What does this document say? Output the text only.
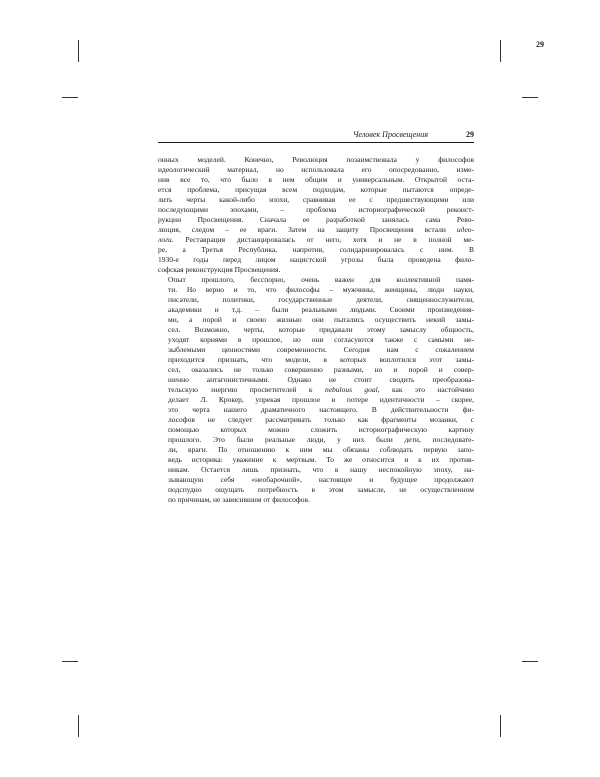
29
Человек Просвещения	29

онных моделей. Конечно, Революция позаимствовала у философов
идеологический материал, но использовала его опосредованно, изме-
нив все то, что было в нем общим и универсальным. Открытой оста-
ется проблема, присущая всем подходам, которые пытаются опреде-
лить черты какой-либо эпохи, сравнивая ее с предшествующими или
последующими эпохами, – проблема историографической реконст-
рукции Просвещения. Сначала ее разработкой занялась сама Рево-
люция, следом – ее враги. Затем на защиту Просвещения встали идео-
логи. Реставрация дистанцировалась от него, хотя и не в полной ме-
ре, а Третья Республика, напротив, солидаризировалась с ним. В
1930-е годы перед лицом нацистской угрозы была проведена фило-
софская реконструкция Просвещения.

Опыт прошлого, бесспорно, очень важен для коллективной памя-
ти. Но верно и то, что философы – мужчины, женщины, люди науки,
писатели, политики, государственные деятели, священнослужители,
академики и т.д. – были реальными людьми. Своими произведения-
ми, а порой и своею жизнью они пытались осуществить некий замы-
сел. Возможно, черты, которые придавали этому замыслу общность,
уходят корнями в прошлое, но они согласуются также с самыми не-
зыблемыми ценностями современности. Сегодня нам с сожалением
приходится признать, что модели, в которых воплотился этот замы-
сел, оказались не только совершенно разными, но и порой и совер-
шенно антагонистичными. Однако не стоит сводить преобразова-
тельскую энергию просветителей к nebulous goal, как это настойчиво
делает Л. Крокер, упрекая прошлое в потере идентичности – скорее,
это черта нашего драматичного настоящего. В действительности фи-
лософов не следует рассматривать только как фрагменты мозаики, с
помощью которых можно сложить историографическую картину
прошлого. Это были реальные люди, у них были дети, последовате-
ли, враги. По отношению к ним мы обязаны соблюдать первую запо-
ведь историка: уважение к мертвым. То же относится и к их против-
никам. Остается лишь признать, что в нашу неспокойную эпоху, на-
зывающую себя «необарочной», настоящее и будущее продолжают
подспудно ощущать потребность в этом замысле, не осуществленном
по причинам, не зависившим от философов.
